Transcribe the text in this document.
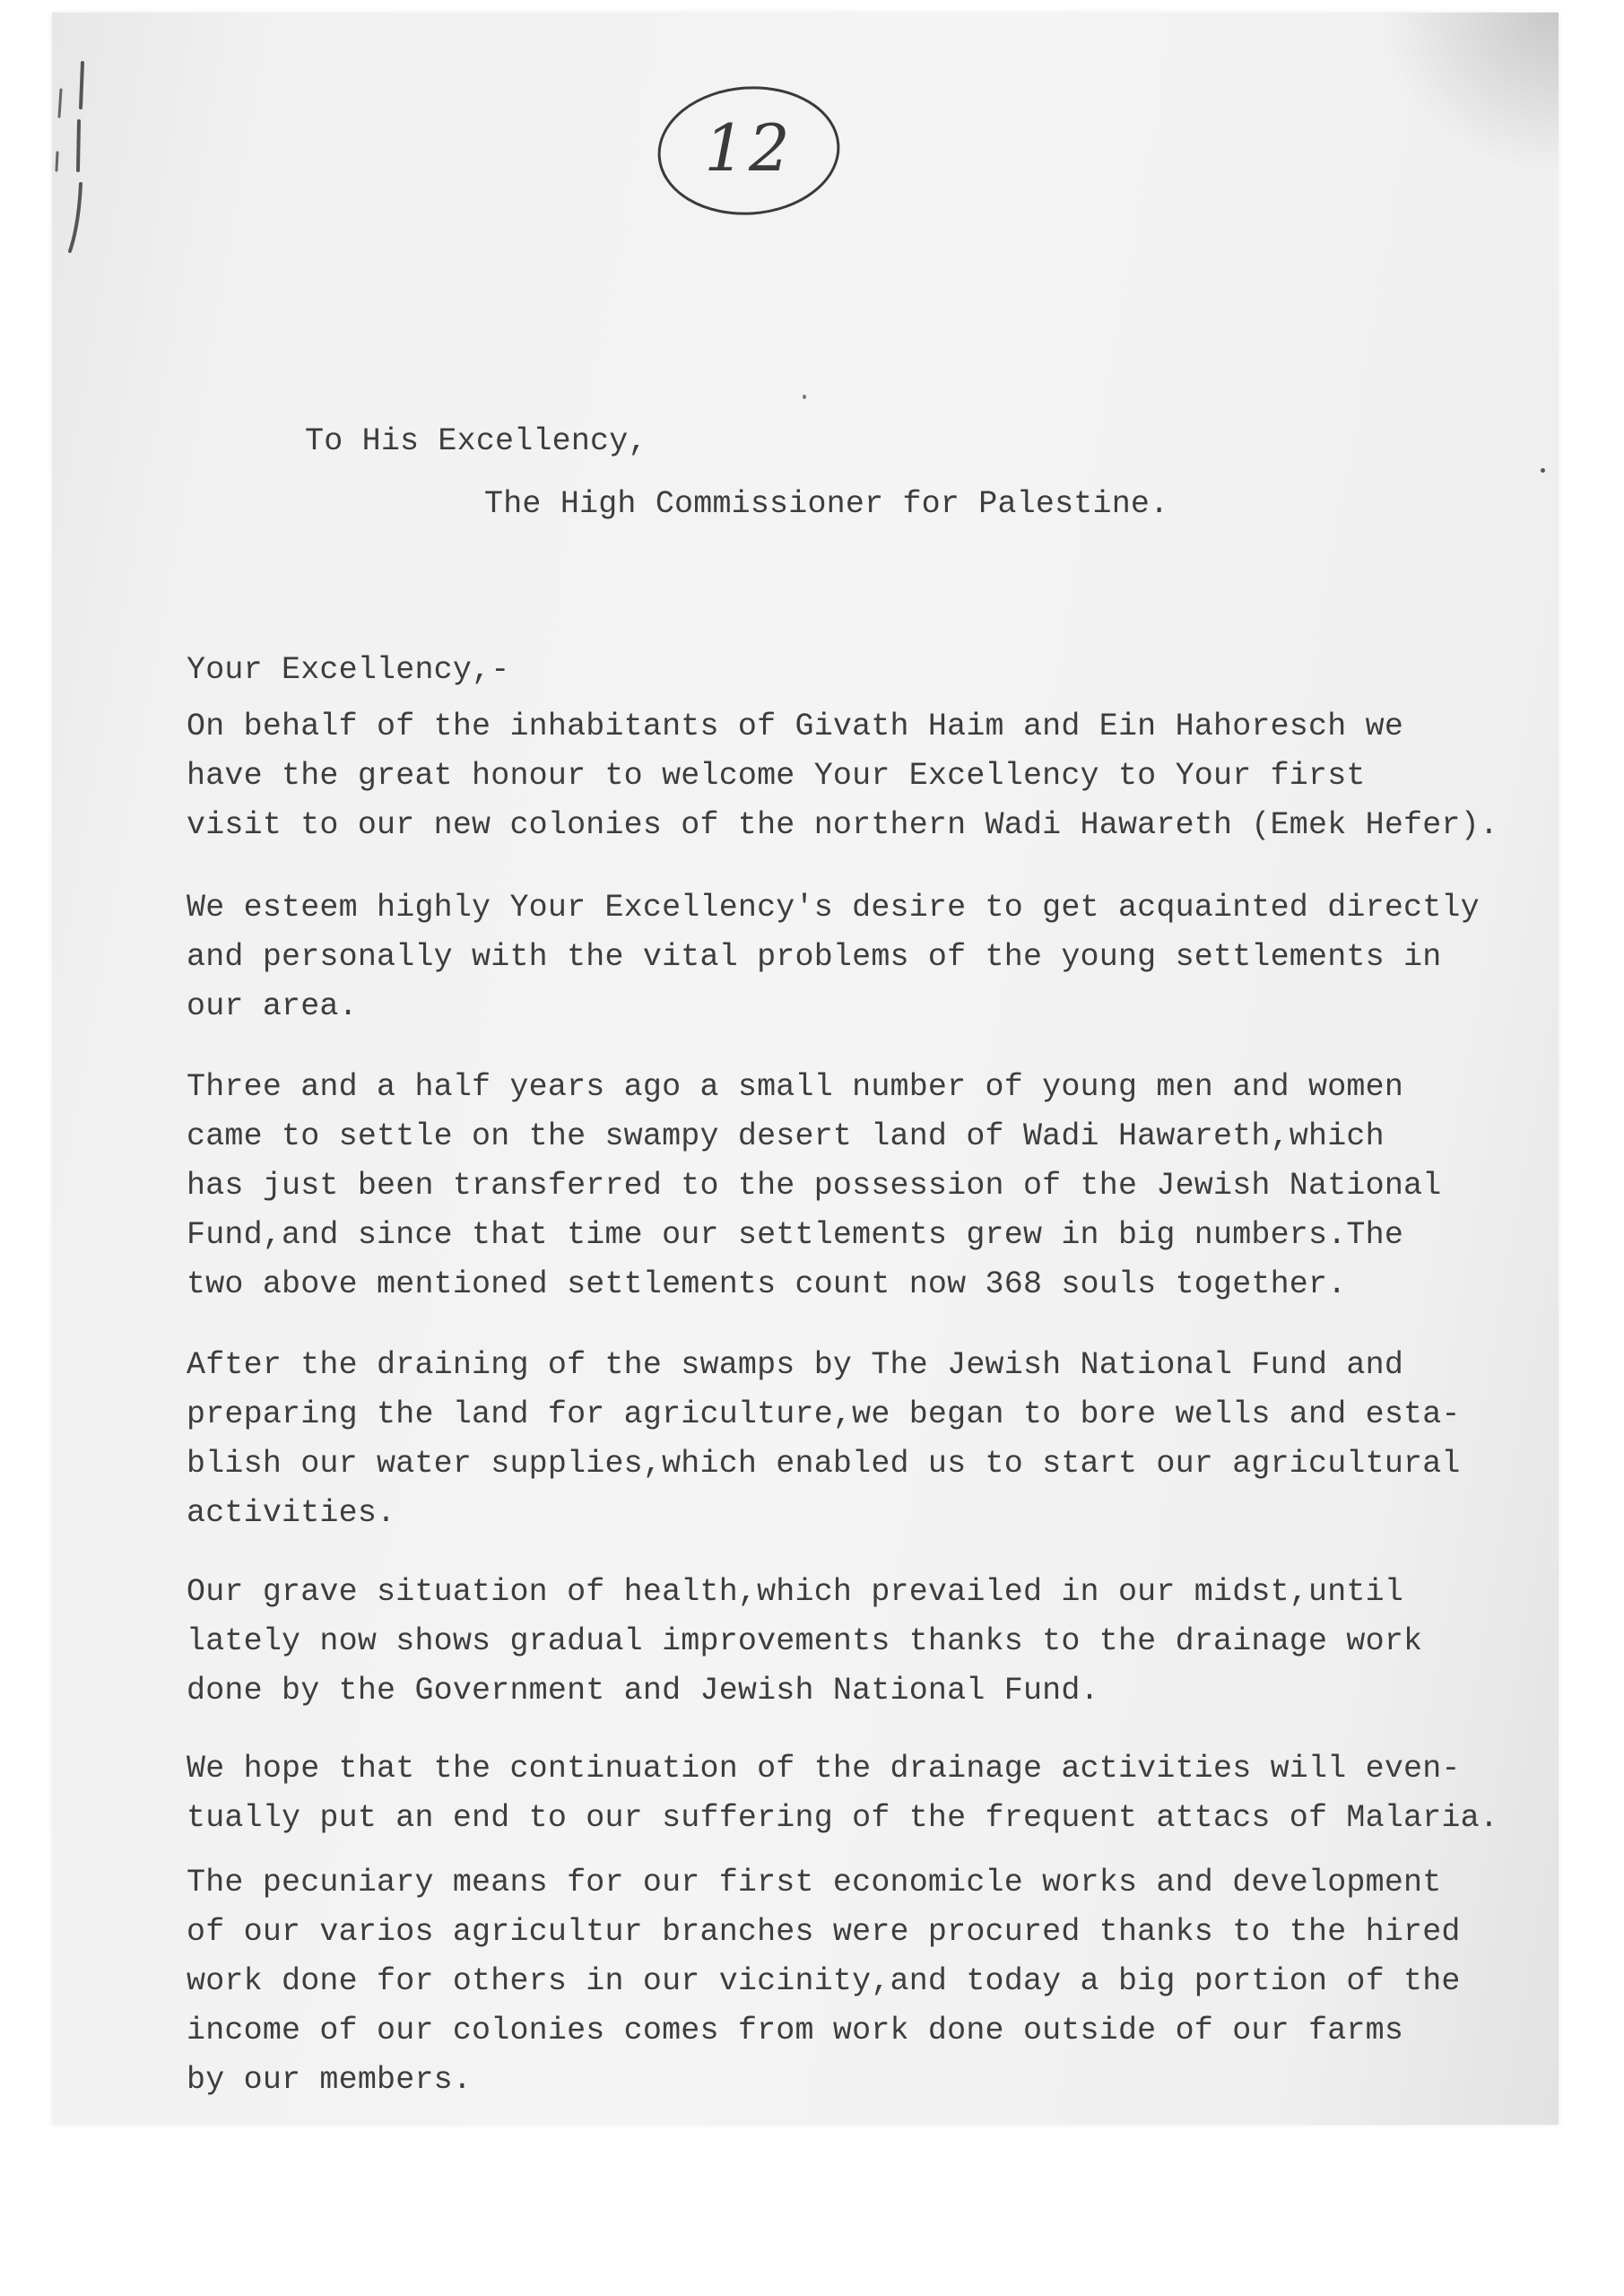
12
To His Excellency,
The High Commissioner for Palestine.
Your Excellency,-
On behalf of the inhabitants of Givath Haim and Ein Hahoresch we
have the great honour to welcome Your Excellency to Your first
visit to our new colonies of the northern Wadi Hawareth (Emek Hefer).
We esteem highly Your Excellency's desire to get acquainted directly
and personally with the vital problems of the young settlements in
our area.
Three and a half years ago a small number of young men and women
came to settle on the swampy desert land of Wadi Hawareth,which
has just been transferred to the possession of the Jewish National
Fund,and since that time our settlements grew in big numbers.The
two above mentioned settlements count now 368 souls together.
After the draining of the swamps by The Jewish National Fund and
preparing the land for agriculture,we began to bore wells and esta-
blish our water supplies,which enabled us to start our agricultural
activities.
Our grave situation of health,which prevailed in our midst,until
lately now shows gradual improvements thanks to the drainage work
done by the Government and Jewish National Fund.
We hope that the continuation of the drainage activities will even-
tually put an end to our suffering of the frequent attacs of Malaria.
The pecuniary means for our first economicle works and development
of our varios agricultur branches were procured thanks to the hired
work done for others in our vicinity,and today a big portion of the
income of our colonies comes from work done outside of our farms
by our members.
